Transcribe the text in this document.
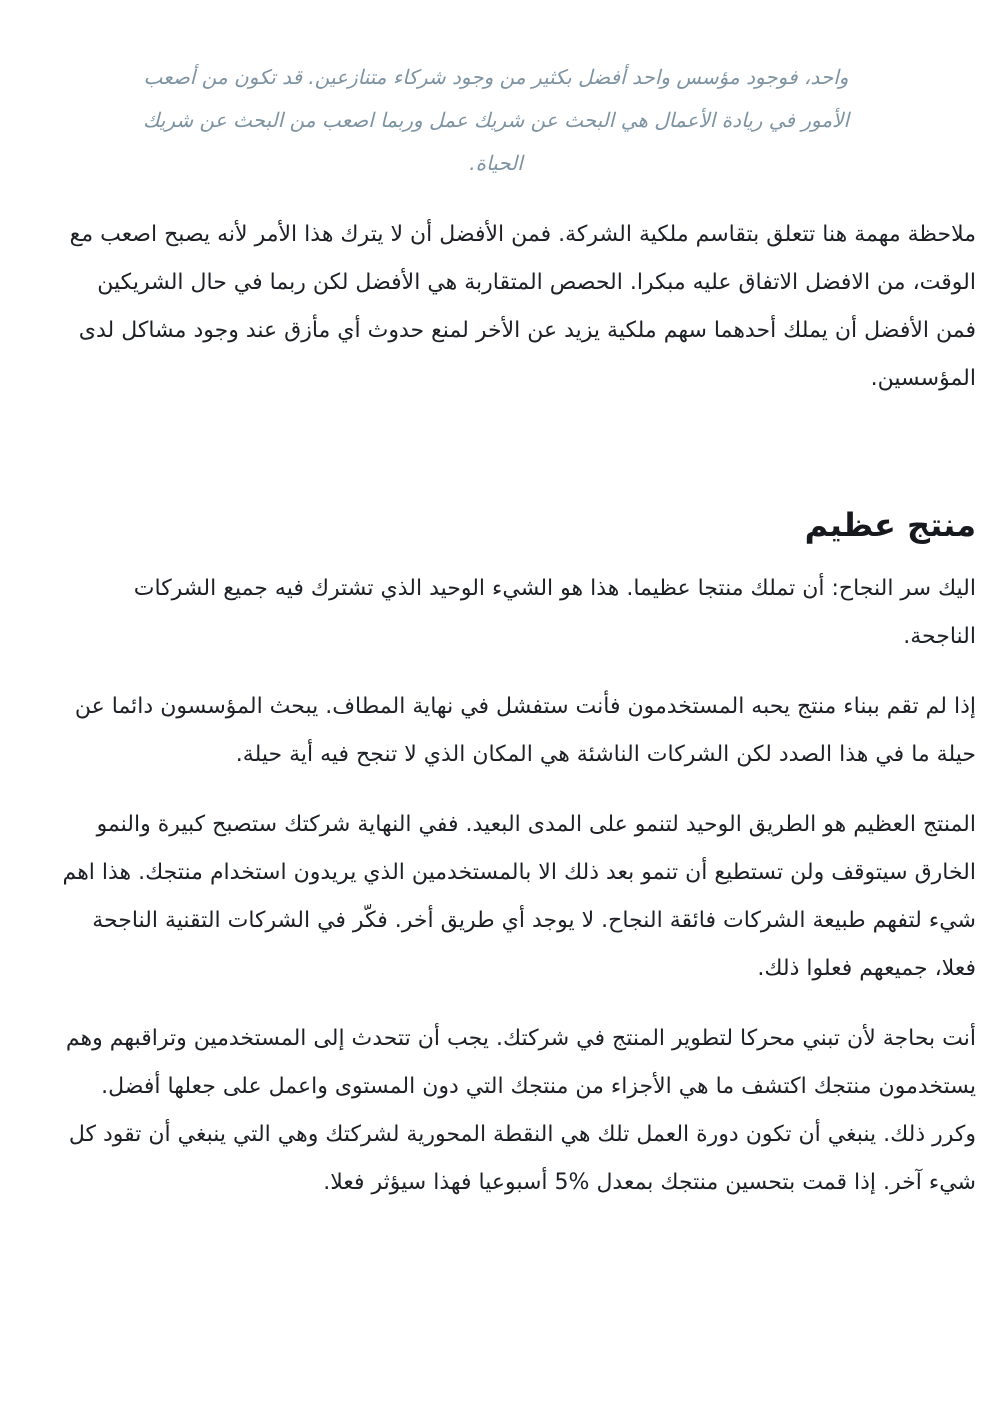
واحد، فوجود مؤسس واحد أفضل بكثير من وجود شركاء متنازعين. قد تكون من أصعب الأمور في ريادة الأعمال هي البحث عن شريك عمل وربما اصعب من البحث عن شريك الحياة.

ملاحظة مهمة هنا تتعلق بتقاسم ملكية الشركة. فمن الأفضل أن لا يترك هذا الأمر لأنه يصبح اصعب مع الوقت، من الافضل الاتفاق عليه مبكرا. الحصص المتقاربة هي الأفضل لكن ربما في حال الشريكين فمن الأفضل أن يملك أحدهما سهم ملكية يزيد عن الأخر لمنع حدوث أي مأزق عند وجود مشاكل لدى المؤسسين.

منتج عظيم

اليك سر النجاح: أن تملك منتجا عظيما. هذا هو الشيء الوحيد الذي تشترك فيه جميع الشركات الناجحة.

إذا لم تقم ببناء منتج يحبه المستخدمون فأنت ستفشل في نهاية المطاف. يبحث المؤسسون دائما عن حيلة ما في هذا الصدد لكن الشركات الناشئة هي المكان الذي لا تنجح فيه أية حيلة.

المنتج العظيم هو الطريق الوحيد لتنمو على المدى البعيد. ففي النهاية شركتك ستصبح كبيرة والنمو الخارق سيتوقف ولن تستطيع أن تنمو بعد ذلك الا بالمستخدمين الذي يريدون استخدام منتجك. هذا اهم شيء لتفهم طبيعة الشركات فائقة النجاح. لا يوجد أي طريق أخر. فكّر في الشركات التقنية الناجحة فعلا، جميعهم فعلوا ذلك.

أنت بحاجة لأن تبني محركا لتطوير المنتج في شركتك. يجب أن تتحدث إلى المستخدمين وتراقبهم وهم يستخدمون منتجك اكتشف ما هي الأجزاء من منتجك التي دون المستوى واعمل على جعلها أفضل. وكرر ذلك. ينبغي أن تكون دورة العمل تلك هي النقطة المحورية لشركتك وهي التي ينبغي أن تقود كل شيء آخر. إذا قمت بتحسين منتجك بمعدل %5 أسبوعيا فهذا سيؤثر فعلا.
